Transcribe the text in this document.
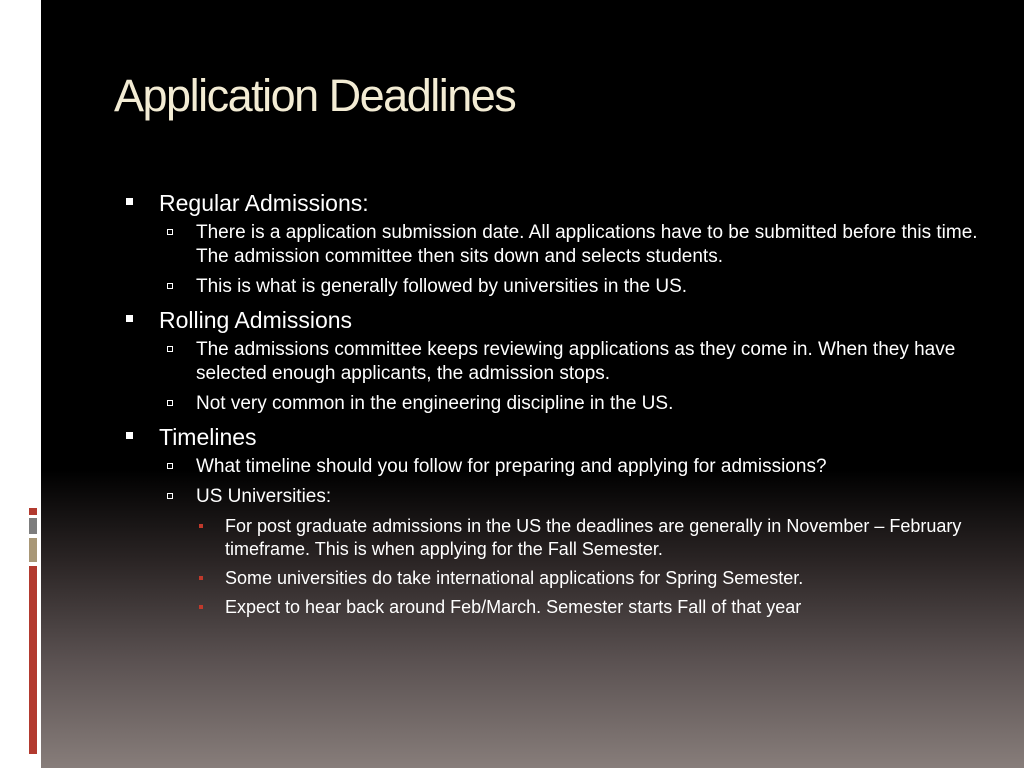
Application Deadlines
Regular Admissions:
There is a application submission date. All applications have to be submitted before this time. The admission committee then sits down and selects students.
This is what is generally followed by universities in the US.
Rolling Admissions
The admissions committee keeps reviewing applications as they come in. When they have selected enough applicants, the admission stops.
Not very common in the engineering discipline in the US.
Timelines
What timeline should you follow for preparing and applying for admissions?
US Universities:
For post graduate admissions in the US the deadlines are generally in November – February timeframe. This is when applying for the Fall Semester.
Some universities do take international applications for Spring Semester.
Expect to hear back around Feb/March. Semester starts Fall of that year
